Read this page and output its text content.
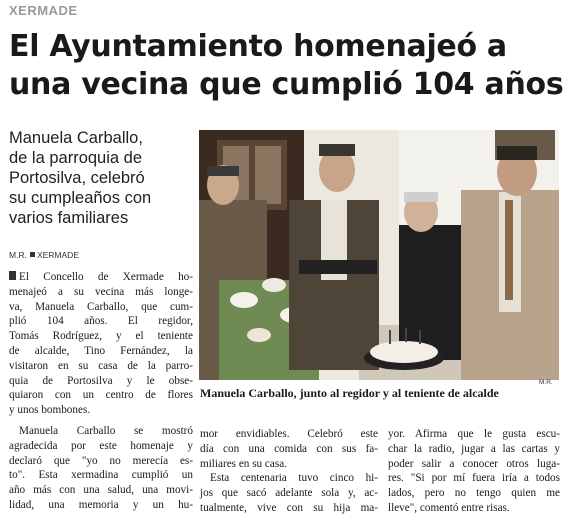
XERMADE
El Ayuntamiento homenajeó a
una vecina que cumplió 104 años
Manuela Carballo,
de la parroquia de
Portosilva, celebró
su cumpleaños con
varios familiares
M.R. XERMADE

El Concello de Xermade ho-
menajeó a su vecina más longe-
va, Manuela Carballo, que cum-
plió 104 años. El regidor,
Tomás Rodríguez, y el teniente
de alcalde, Tino Fernández, la
visitaron en su casa de la parro-
quia de Portosilva y le obse-
quiaron con un centro de flores
y unos bombones.

Manuela Carballo se mostró
agradecida por este homenaje y
declaró que "yo no merecía es-
to". Esta xermadina cumplió un
año más con una salud, una movi-
lidad, una memoria y un hu-

M.R.
Manuela Carballo, junto al regidor y al teniente de alcalde
mor envidiables. Celebró este
día con una comida con sus fa-
miliares en su casa.
Esta centenaria tuvo cinco hi-
jos que sacó adelante sola y, ac-
tualmente, vive con su hija ma-
yor. Afirma que le gusta escu-
char la radio, jugar a las cartas y
poder salir a conocer otros luga-
res. "Si por mí fuera iría a todos
lados, pero no tengo quien me
lleve", comentó entre risas.
